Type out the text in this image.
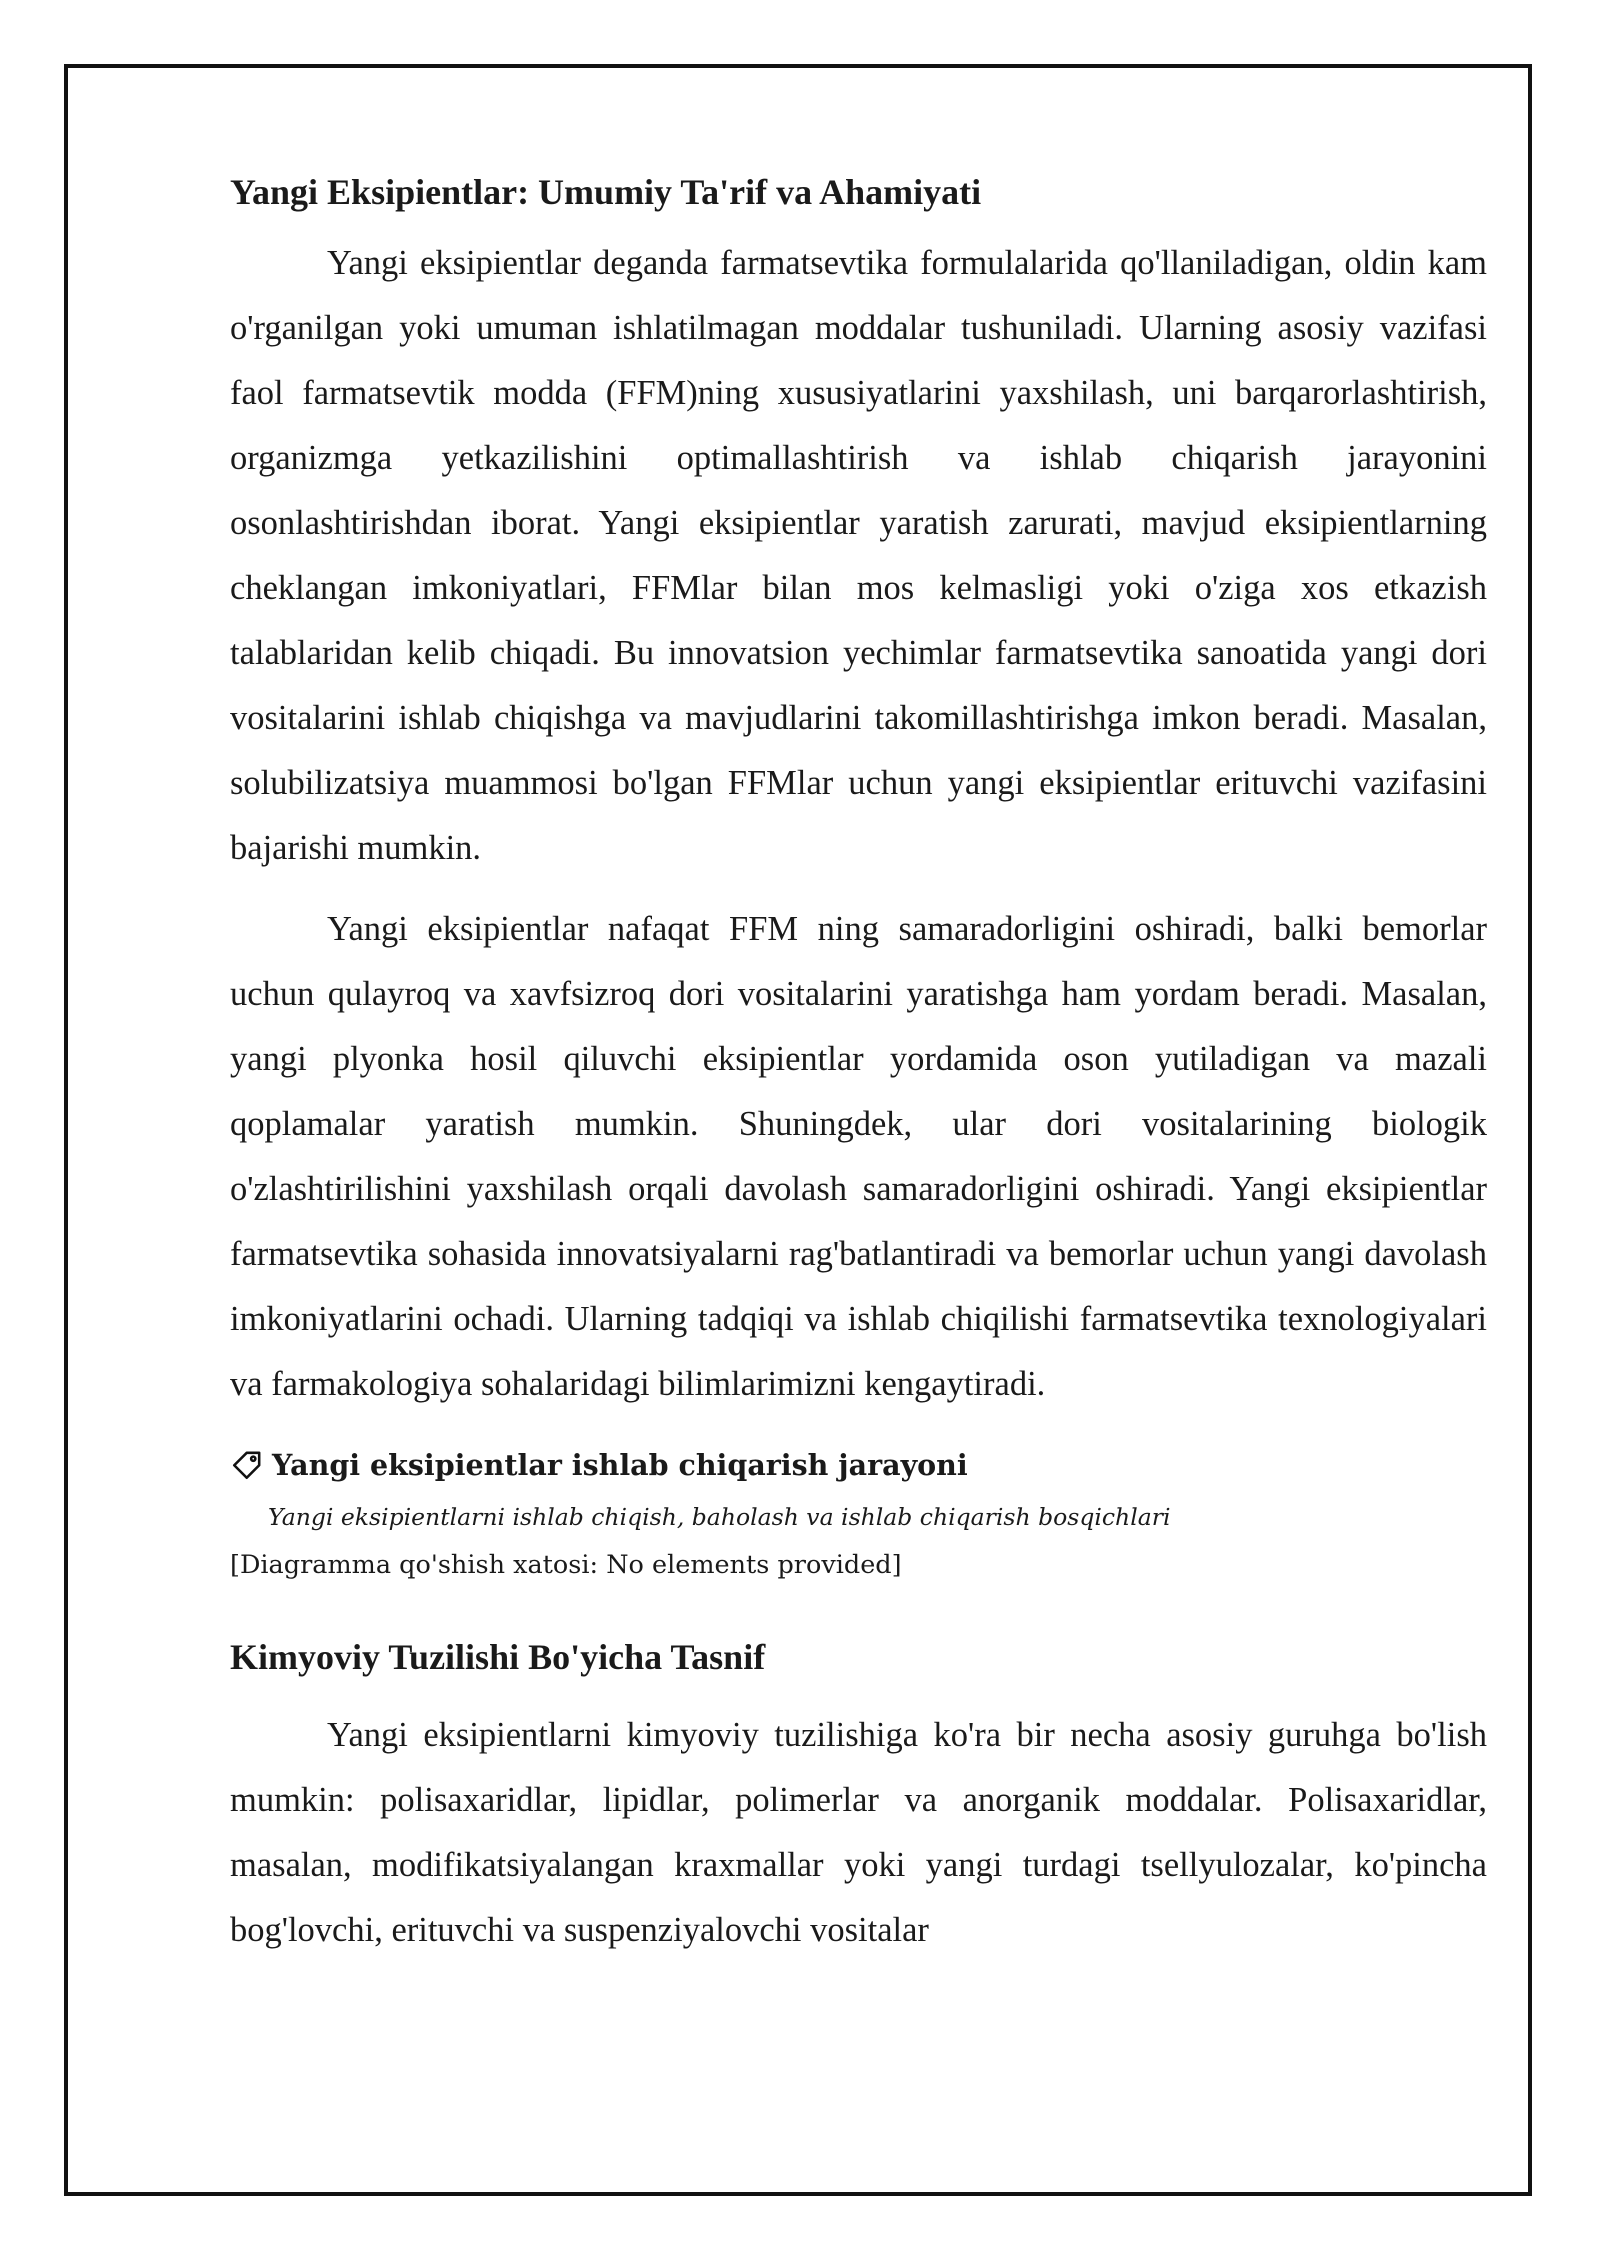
Yangi Eksipientlar: Umumiy Ta'rif va Ahamiyati

Yangi eksipientlar deganda farmatsevtika formulalarida qo'llaniladigan, oldin kam o'rganilgan yoki umuman ishlatilmagan moddalar tushuniladi. Ularning asosiy vazifasi faol farmatsevtik modda (FFM)ning xususiyatlarini yaxshilash, uni barqarorlashtirish, organizmga yetkazilishini optimallashtirish va ishlab chiqarish jarayonini osonlashtirishdan iborat. Yangi eksipientlar yaratish zarurati, mavjud eksipientlarning cheklangan imkoniyatlari, FFMlar bilan mos kelmasligi yoki o'ziga xos etkazish talablaridan kelib chiqadi. Bu innovatsion yechimlar farmatsevtika sanoatida yangi dori vositalarini ishlab chiqishga va mavjudlarini takomillashtirishga imkon beradi. Masalan, solubilizatsiya muammosi bo'lgan FFMlar uchun yangi eksipientlar erituvchi vazifasini bajarishi mumkin.

Yangi eksipientlar nafaqat FFM ning samaradorligini oshiradi, balki bemorlar uchun qulayroq va xavfsizroq dori vositalarini yaratishga ham yordam beradi. Masalan, yangi plyonka hosil qiluvchi eksipientlar yordamida oson yutiladigan va mazali qoplamalar yaratish mumkin. Shuningdek, ular dori vositalarining biologik o'zlashtirilishini yaxshilash orqali davolash samaradorligini oshiradi. Yangi eksipientlar farmatsevtika sohasida innovatsiyalarni rag'batlantiradi va bemorlar uchun yangi davolash imkoniyatlarini ochadi. Ularning tadqiqi va ishlab chiqilishi farmatsevtika texnologiyalari va farmakologiya sohalaridagi bilimlarimizni kengaytiradi.

Yangi eksipientlar ishlab chiqarish jarayoni
Yangi eksipientlarni ishlab chiqish, baholash va ishlab chiqarish bosqichlari
[Diagramma qo'shish xatosi: No elements provided]
Kimyoviy Tuzilishi Bo'yicha Tasnif

Yangi eksipientlarni kimyoviy tuzilishiga ko'ra bir necha asosiy guruhga bo'lish mumkin: polisaxaridlar, lipidlar, polimerlar va anorganik moddalar. Polisaxaridlar, masalan, modifikatsiyalangan kraxmallar yoki yangi turdagi tsellyulozalar, ko'pincha bog'lovchi, erituvchi va suspenziyalovchi vositalar
